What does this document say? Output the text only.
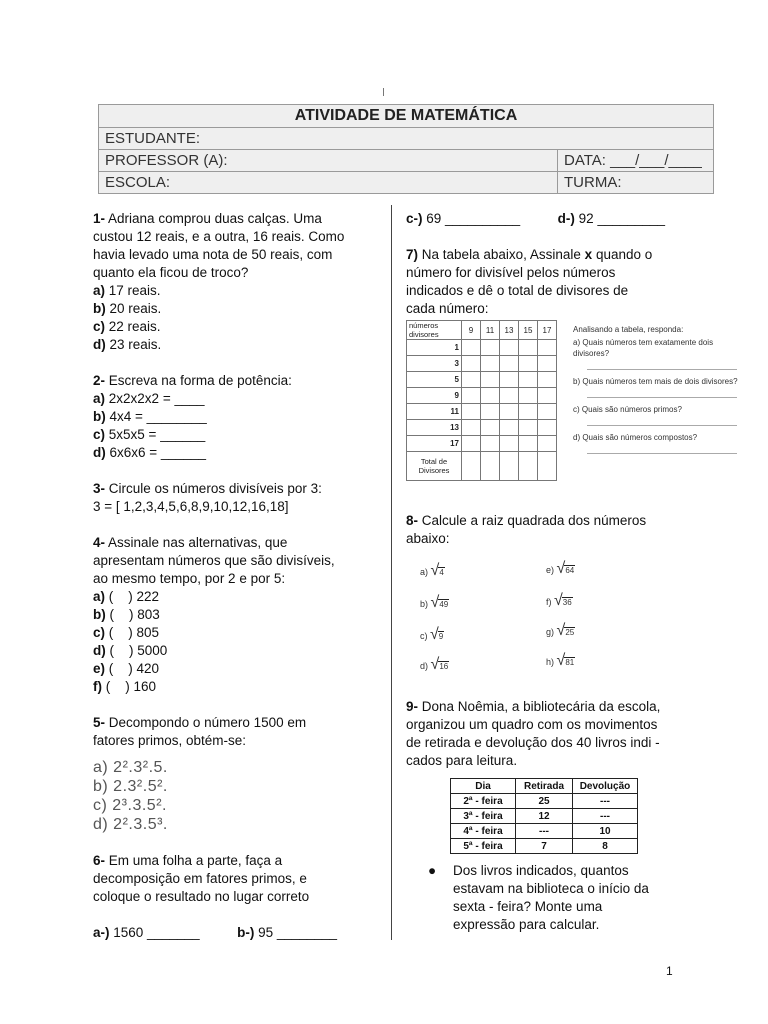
ATIVIDADE DE MATEMÁTICA	
ESTUDANTE:	
PROFESSOR (A):	DATA: ___/___/____
ESCOLA:	TURMA:
1- Adriana comprou duas calças. Uma
custou 12 reais, e a outra, 16 reais. Como
havia levado uma nota de 50 reais, com
quanto ela ficou de troco?
a) 17 reais.
b) 20 reais.
c) 22 reais.
d) 23 reais.
2- Escreva na forma de potência:
a) 2x2x2x2 = ____
b) 4x4 = ________
c) 5x5x5 = ______
d) 6x6x6 = ______
3- Circule os números divisíveis por 3:
3 = [ 1,2,3,4,5,6,8,9,10,12,16,18]
4- Assinale nas alternativas, que
apresentam números que são divisíveis,
ao mesmo tempo, por 2 e por 5:
a) (    ) 222
b) (    ) 803
c) (    ) 805
d) (    ) 5000
e) (    ) 420
f) (    ) 160
5- Decompondo o número 1500 em
fatores primos, obtém-se:
a) 2².3².5.
b) 2.3².5².
c) 2³.3.5².
d) 2².3.5³.
6- Em uma folha a parte, faça a
decomposição em fatores primos, e
coloque o resultado no lugar correto
a-) 1560 _______	b-) 95 ________
c-) 69 __________	d-) 92 _________
7) Na tabela abaixo, Assinale x quando o
número for divisível pelos números
indicados e dê o total de divisores de
cada número:
números divisores	9	11	13	15	17
1					
3					
5					
9					
11					
13					
17					
Total de Divisores					
Analisando a tabela, responda:
a) Quais números tem exatamente dois divisores?
b) Quais números tem mais de dois divisores?
c) Quais são números primos?
d) Quais são números compostos?
8- Calcule a raiz quadrada dos números
abaixo:
a) √4	e) √64
b) √49	f) √36
c) √9	g) √25
d) √16	h) √81
9- Dona Noêmia, a bibliotecária da escola,
organizou um quadro com os movimentos
de retirada e devolução dos 40 livros indi -
cados para leitura.
Dia	Retirada	Devolução
2ª - feira	25	---
3ª - feira	12	---
4ª - feira	---	10
5ª - feira	7	8
● Dos livros indicados, quantos
estavam na biblioteca o início da
sexta - feira? Monte uma
expressão para calcular.
1
